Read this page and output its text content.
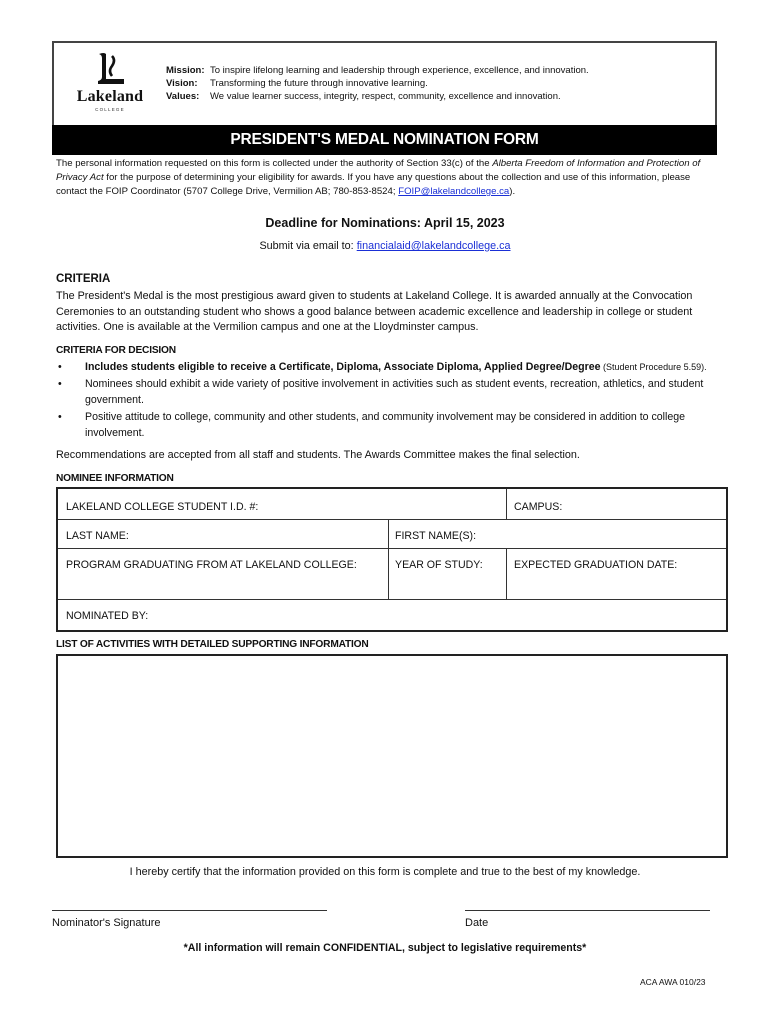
Lakeland
COLLEGE
Mission: To inspire lifelong learning and leadership through experience, excellence, and innovation.
Vision: Transforming the future through innovative learning.
Values: We value learner success, integrity, respect, community, excellence and innovation.
PRESIDENT'S MEDAL NOMINATION FORM
The personal information requested on this form is collected under the authority of Section 33(c) of the Alberta Freedom of Information and Protection of Privacy Act for the purpose of determining your eligibility for awards. If you have any questions about the collection and use of this information, please contact the FOIP Coordinator (5707 College Drive, Vermilion AB; 780-853-8524; FOIP@lakelandcollege.ca).
Deadline for Nominations: April 15, 2023
Submit via email to: financialaid@lakelandcollege.ca
CRITERIA
The President's Medal is the most prestigious award given to students at Lakeland College. It is awarded annually at the Convocation Ceremonies to an outstanding student who shows a good balance between academic excellence and leadership in college or student activities. One is available at the Vermilion campus and one at the Lloydminster campus.
CRITERIA FOR DECISION
• Includes students eligible to receive a Certificate, Diploma, Associate Diploma, Applied Degree/Degree (Student Procedure 5.59).
• Nominees should exhibit a wide variety of positive involvement in activities such as student events, recreation, athletics, and student government.
• Positive attitude to college, community and other students, and community involvement may be considered in addition to college involvement.
Recommendations are accepted from all staff and students. The Awards Committee makes the final selection.
NOMINEE INFORMATION
LAKELAND COLLEGE STUDENT I.D. #:	CAMPUS:
LAST NAME:	FIRST NAME(S):
PROGRAM GRADUATING FROM AT LAKELAND COLLEGE:	YEAR OF STUDY:	EXPECTED GRADUATION DATE:
NOMINATED BY:
LIST OF ACTIVITIES WITH DETAILED SUPPORTING INFORMATION
I hereby certify that the information provided on this form is complete and true to the best of my knowledge.
Nominator's Signature	Date
*All information will remain CONFIDENTIAL, subject to legislative requirements*
ACA AWA 010/23
